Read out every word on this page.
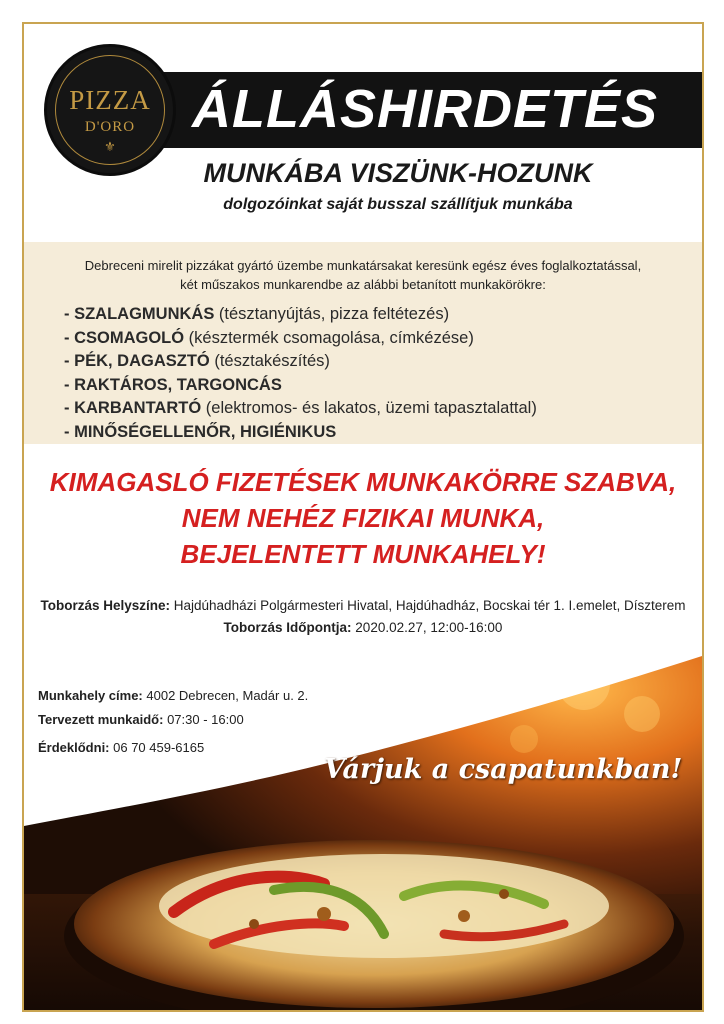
PIZZA
D'ORO
⚜
ÁLLÁSHIRDETÉS
MUNKÁBA VISZÜNK-HOZUNK
dolgozóinkat saját busszal szállítjuk munkába
Debreceni mirelit pizzákat gyártó üzembe munkatársakat keresünk egész éves foglalkoztatással,
két műszakos munkarendbe az alábbi betanított munkakörökre:
- SZALAGMUNKÁS (tésztanyújtás, pizza feltétezés)
- CSOMAGOLÓ (késztermék csomagolása, címkézése)
- PÉK, DAGASZTÓ (tésztakészítés)
- RAKTÁROS, TARGONCÁS
- KARBANTARTÓ (elektromos- és lakatos, üzemi tapasztalattal)
- MINŐSÉGELLENŐR, HIGIÉNIKUS
KIMAGASLÓ FIZETÉSEK MUNKAKÖRRE SZABVA,
NEM NEHÉZ FIZIKAI MUNKA,
BEJELENTETT MUNKAHELY!
Toborzás Helyszíne: Hajdúhadházi Polgármesteri Hivatal, Hajdúhadház, Bocskai tér 1. I.emelet, Díszterem
Toborzás Időpontja: 2020.02.27, 12:00-16:00
Munkahely címe: 4002 Debrecen, Madár u. 2.
Tervezett munkaidő: 07:30 - 16:00
Érdeklődni: 06 70 459-6165
Várjuk a csapatunkban!
